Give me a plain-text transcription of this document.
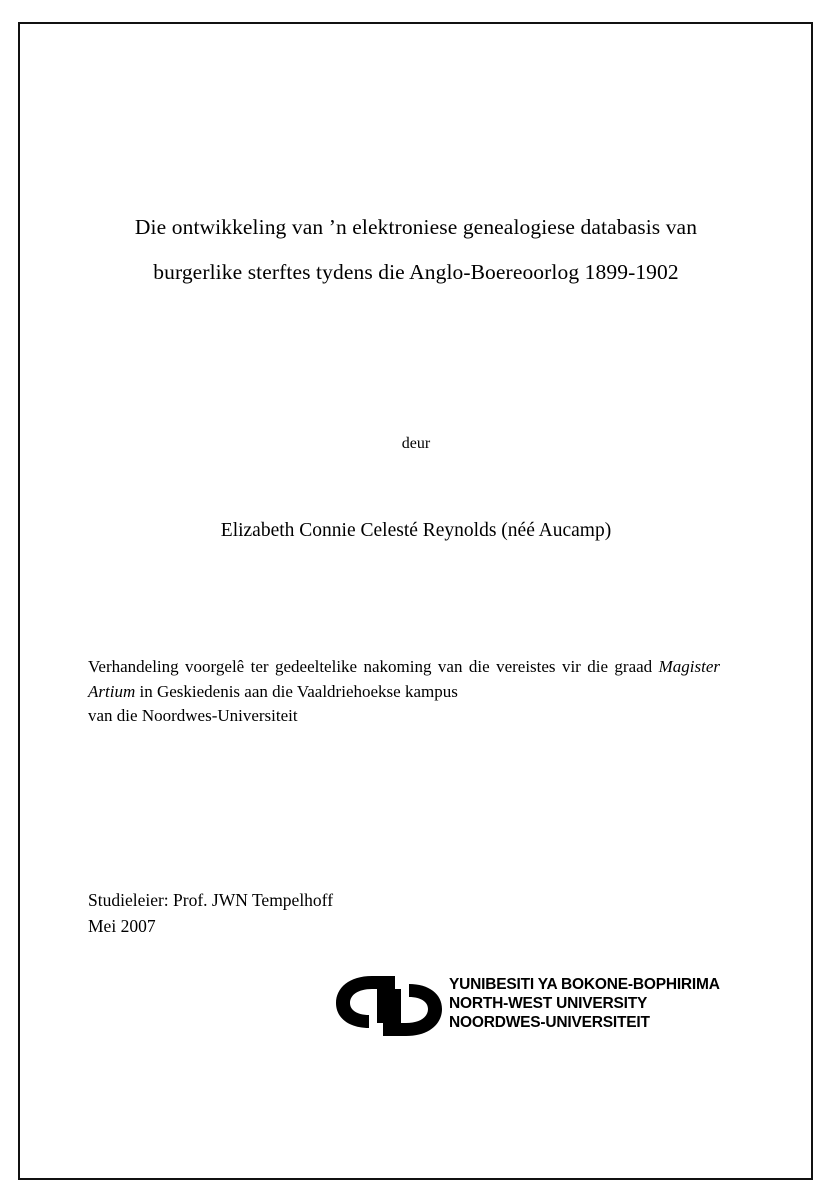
Die ontwikkeling van ’n elektroniese genealogiese databasis van
burgerlike sterftes tydens die Anglo-Boereoorlog 1899-1902
deur
Elizabeth Connie Celesté Reynolds (néé Aucamp)
Verhandeling voorgelê ter gedeeltelike nakoming van die vereistes vir die graad Magister Artium in Geskiedenis aan die Vaaldriehoekse kampus
van die Noordwes-Universiteit
Studieleier: Prof. JWN Tempelhoff
Mei 2007
YUNIBESITI YA BOKONE-BOPHIRIMA
NORTH-WEST UNIVERSITY
NOORDWES-UNIVERSITEIT
